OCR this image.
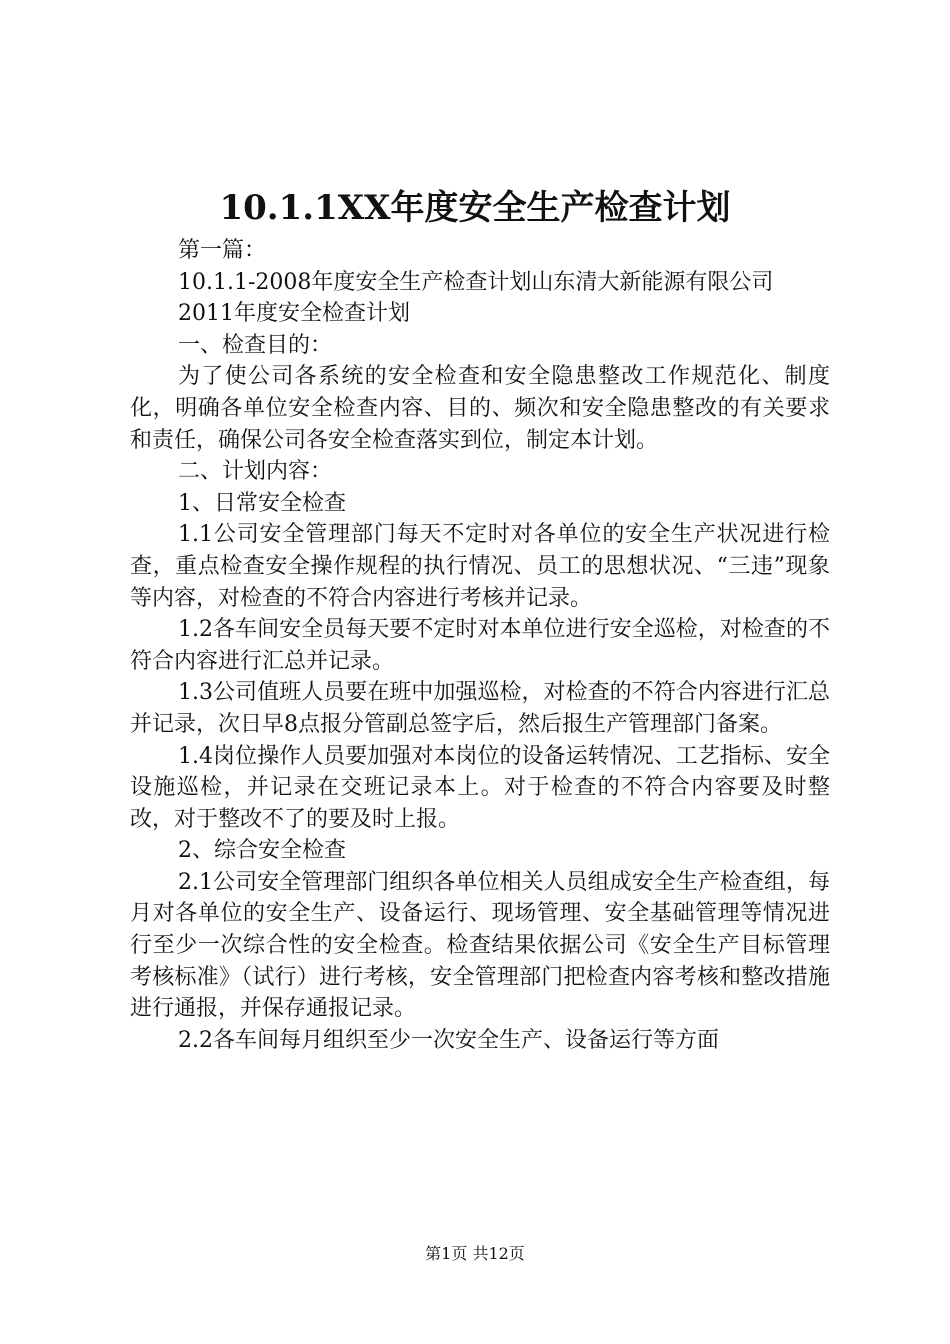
10.1.1XX年度安全生产检查计划

第一篇：

10.1.1-2008年度安全生产检查计划山东清大新能源有限公司

2011年度安全检查计划

一、检查目的：

为了使公司各系统的安全检查和安全隐患整改工作规范化、制度化，明确各单位安全检查内容、目的、频次和安全隐患整改的有关要求和责任，确保公司各安全检查落实到位，制定本计划。

二、计划内容：

1、日常安全检查

1.1公司安全管理部门每天不定时对各单位的安全生产状况进行检查，重点检查安全操作规程的执行情况、员工的思想状况、“三违”现象等内容，对检查的不符合内容进行考核并记录。

1.2各车间安全员每天要不定时对本单位进行安全巡检，对检查的不符合内容进行汇总并记录。

1.3公司值班人员要在班中加强巡检，对检查的不符合内容进行汇总并记录，次日早8点报分管副总签字后，然后报生产管理部门备案。

1.4岗位操作人员要加强对本岗位的设备运转情况、工艺指标、安全设施巡检，并记录在交班记录本上。对于检查的不符合内容要及时整改，对于整改不了的要及时上报。

2、综合安全检查

2.1公司安全管理部门组织各单位相关人员组成安全生产检查组，每月对各单位的安全生产、设备运行、现场管理、安全基础管理等情况进行至少一次综合性的安全检查。检查结果依据公司《安全生产目标管理考核标准》（试行）进行考核，安全管理部门把检查内容考核和整改措施进行通报，并保存通报记录。

2.2各车间每月组织至少一次安全生产、设备运行等方面

第1页 共12页
